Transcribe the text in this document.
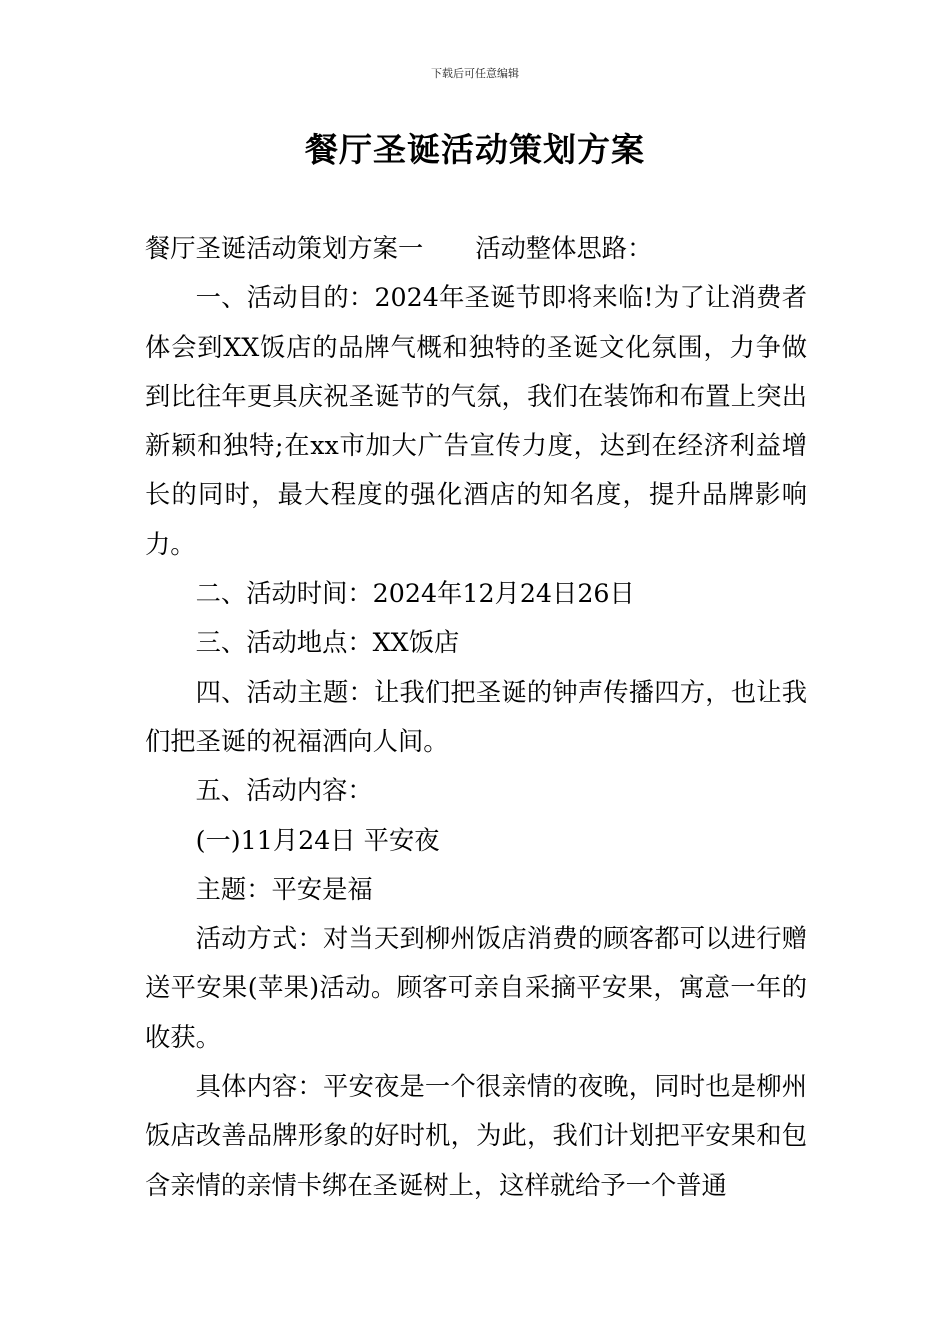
下载后可任意编辑
餐厅圣诞活动策划方案

餐厅圣诞活动策划方案一 活动整体思路：

一、活动目的：2024年圣诞节即将来临!为了让消费者体会到XX饭店的品牌气概和独特的圣诞文化氛围，力争做到比往年更具庆祝圣诞节的气氛，我们在装饰和布置上突出新颖和独特;在xx市加大广告宣传力度，达到在经济利益增长的同时，最大程度的强化酒店的知名度，提升品牌影响力。

二、活动时间：2024年12月24日26日

三、活动地点：XX饭店

四、活动主题：让我们把圣诞的钟声传播四方，也让我们把圣诞的祝福洒向人间。

五、活动内容：

(一)11月24日 平安夜

主题：平安是福

活动方式：对当天到柳州饭店消费的顾客都可以进行赠送平安果(苹果)活动。顾客可亲自采摘平安果，寓意一年的收获。

具体内容：平安夜是一个很亲情的夜晚，同时也是柳州饭店改善品牌形象的好时机，为此，我们计划把平安果和包含亲情的亲情卡绑在圣诞树上，这样就给予一个普通
